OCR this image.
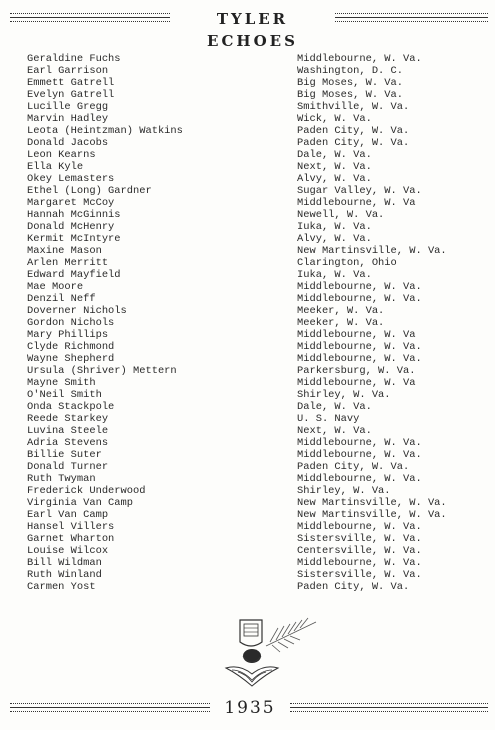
TYLER ECHOES
Geraldine Fuchs	Middlebourne, W. Va.
Earl Garrison	Washington, D. C.
Emmett Gatrell	Big Moses, W. Va.
Evelyn Gatrell	Big Moses, W. Va.
Lucille Gregg	Smithville, W. Va.
Marvin Hadley	Wick, W. Va.
Leota (Heintzman) Watkins	Paden City, W. Va.
Donald Jacobs	Paden City, W. Va.
Leon Kearns	Dale, W. Va.
Ella Kyle	Next, W. Va.
Okey Lemasters	Alvy, W. Va.
Ethel (Long) Gardner	Sugar Valley, W. Va.
Margaret McCoy	Middlebourne, W. Va
Hannah McGinnis	Newell, W. Va.
Donald McHenry	Iuka, W. Va.
Kermit McIntyre	Alvy, W. Va.
Maxine Mason	New Martinsville, W. Va.
Arlen Merritt	Clarington, Ohio
Edward Mayfield	Iuka, W. Va.
Mae Moore	Middlebourne, W. Va.
Denzil Neff	Middlebourne, W. Va.
Doverner Nichols	Meeker, W. Va.
Gordon Nichols	Meeker, W. Va.
Mary Phillips	Middlebourne, W. Va
Clyde Richmond	Middlebourne, W. Va.
Wayne Shepherd	Middlebourne, W. Va.
Ursula (Shriver) Mettern	Parkersburg, W. Va.
Mayne Smith	Middlebourne, W. Va
O'Neil Smith	Shirley, W. Va.
Onda Stackpole	Dale, W. Va.
Reede Starkey	U. S. Navy
Luvina Steele	Next, W. Va.
Adria Stevens	Middlebourne, W. Va.
Billie Suter	Middlebourne, W. Va.
Donald Turner	Paden City, W. Va.
Ruth Twyman	Middlebourne, W. Va.
Frederick Underwood	Shirley, W. Va.
Virginia Van Camp	New Martinsville, W. Va.
Earl Van Camp	New Martinsville, W. Va.
Hansel Villers	Middlebourne, W. Va.
Garnet Wharton	Sistersville, W. Va.
Louise Wilcox	Centersville, W. Va.
Bill Wildman	Middlebourne, W. Va.
Ruth Winland	Sistersville, W. Va.
Carmen Yost	Paden City, W. Va.
1935
